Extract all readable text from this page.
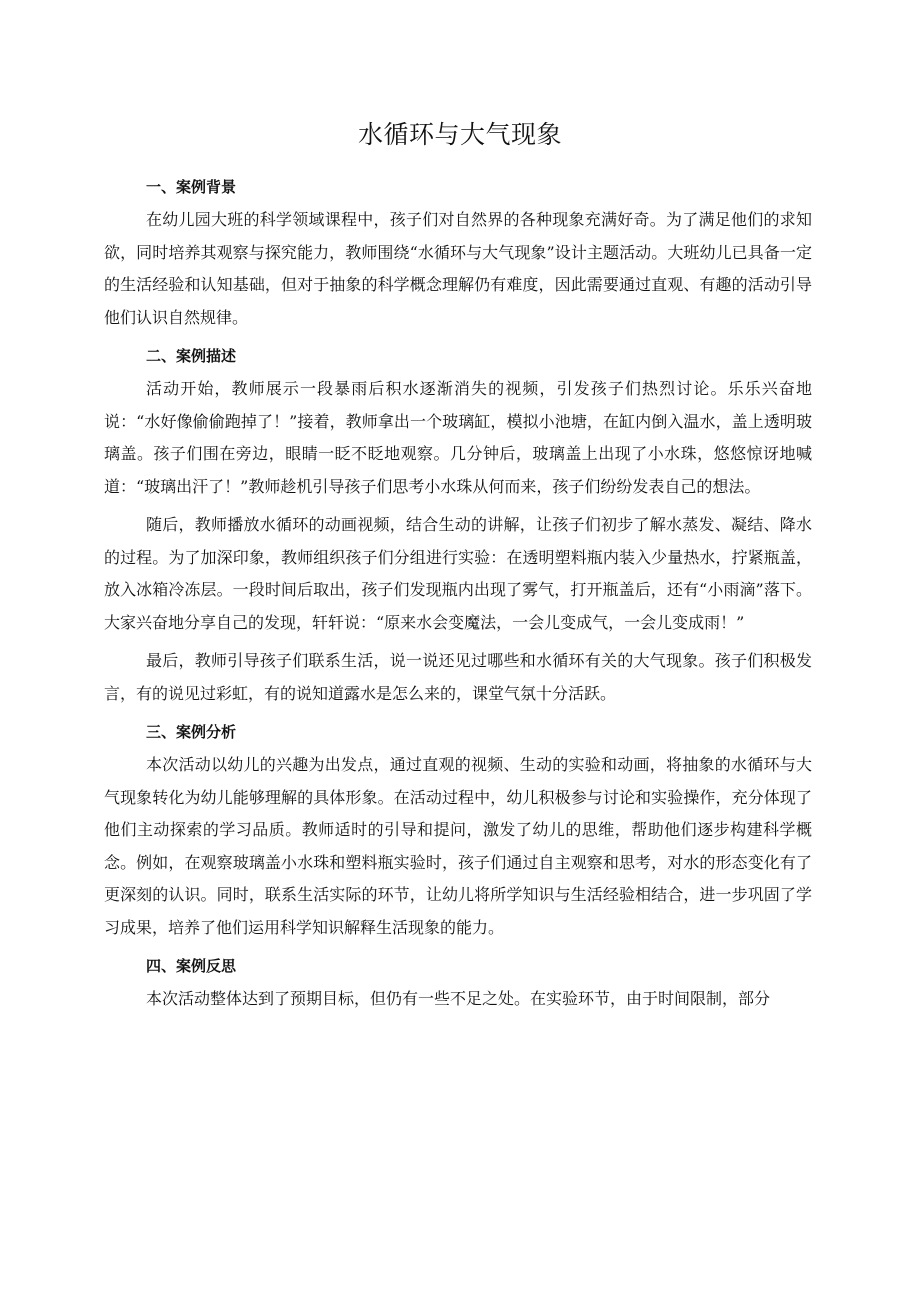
水循环与大气现象
一、案例背景

在幼儿园大班的科学领域课程中，孩子们对自然界的各种现象充满好奇。为了满足他们的求知欲，同时培养其观察与探究能力，教师围绕“水循环与大气现象”设计主题活动。大班幼儿已具备一定的生活经验和认知基础，但对于抽象的科学概念理解仍有难度，因此需要通过直观、有趣的活动引导他们认识自然规律。

二、案例描述

活动开始，教师展示一段暴雨后积水逐渐消失的视频，引发孩子们热烈讨论。乐乐兴奋地说：“水好像偷偷跑掉了！”接着，教师拿出一个玻璃缸，模拟小池塘，在缸内倒入温水，盖上透明玻璃盖。孩子们围在旁边，眼睛一眨不眨地观察。几分钟后，玻璃盖上出现了小水珠，悠悠惊讶地喊道：“玻璃出汗了！”教师趁机引导孩子们思考小水珠从何而来，孩子们纷纷发表自己的想法。

随后，教师播放水循环的动画视频，结合生动的讲解，让孩子们初步了解水蒸发、凝结、降水的过程。为了加深印象，教师组织孩子们分组进行实验：在透明塑料瓶内装入少量热水，拧紧瓶盖，放入冰箱冷冻层。一段时间后取出，孩子们发现瓶内出现了雾气，打开瓶盖后，还有“小雨滴”落下。大家兴奋地分享自己的发现，轩轩说：“原来水会变魔法，一会儿变成气，一会儿变成雨！”

最后，教师引导孩子们联系生活，说一说还见过哪些和水循环有关的大气现象。孩子们积极发言，有的说见过彩虹，有的说知道露水是怎么来的，课堂气氛十分活跃。

三、案例分析

本次活动以幼儿的兴趣为出发点，通过直观的视频、生动的实验和动画，将抽象的水循环与大气现象转化为幼儿能够理解的具体形象。在活动过程中，幼儿积极参与讨论和实验操作，充分体现了他们主动探索的学习品质。教师适时的引导和提问，激发了幼儿的思维，帮助他们逐步构建科学概念。例如，在观察玻璃盖小水珠和塑料瓶实验时，孩子们通过自主观察和思考，对水的形态变化有了更深刻的认识。同时，联系生活实际的环节，让幼儿将所学知识与生活经验相结合，进一步巩固了学习成果，培养了他们运用科学知识解释生活现象的能力。

四、案例反思

本次活动整体达到了预期目标，但仍有一些不足之处。在实验环节，由于时间限制，部分
